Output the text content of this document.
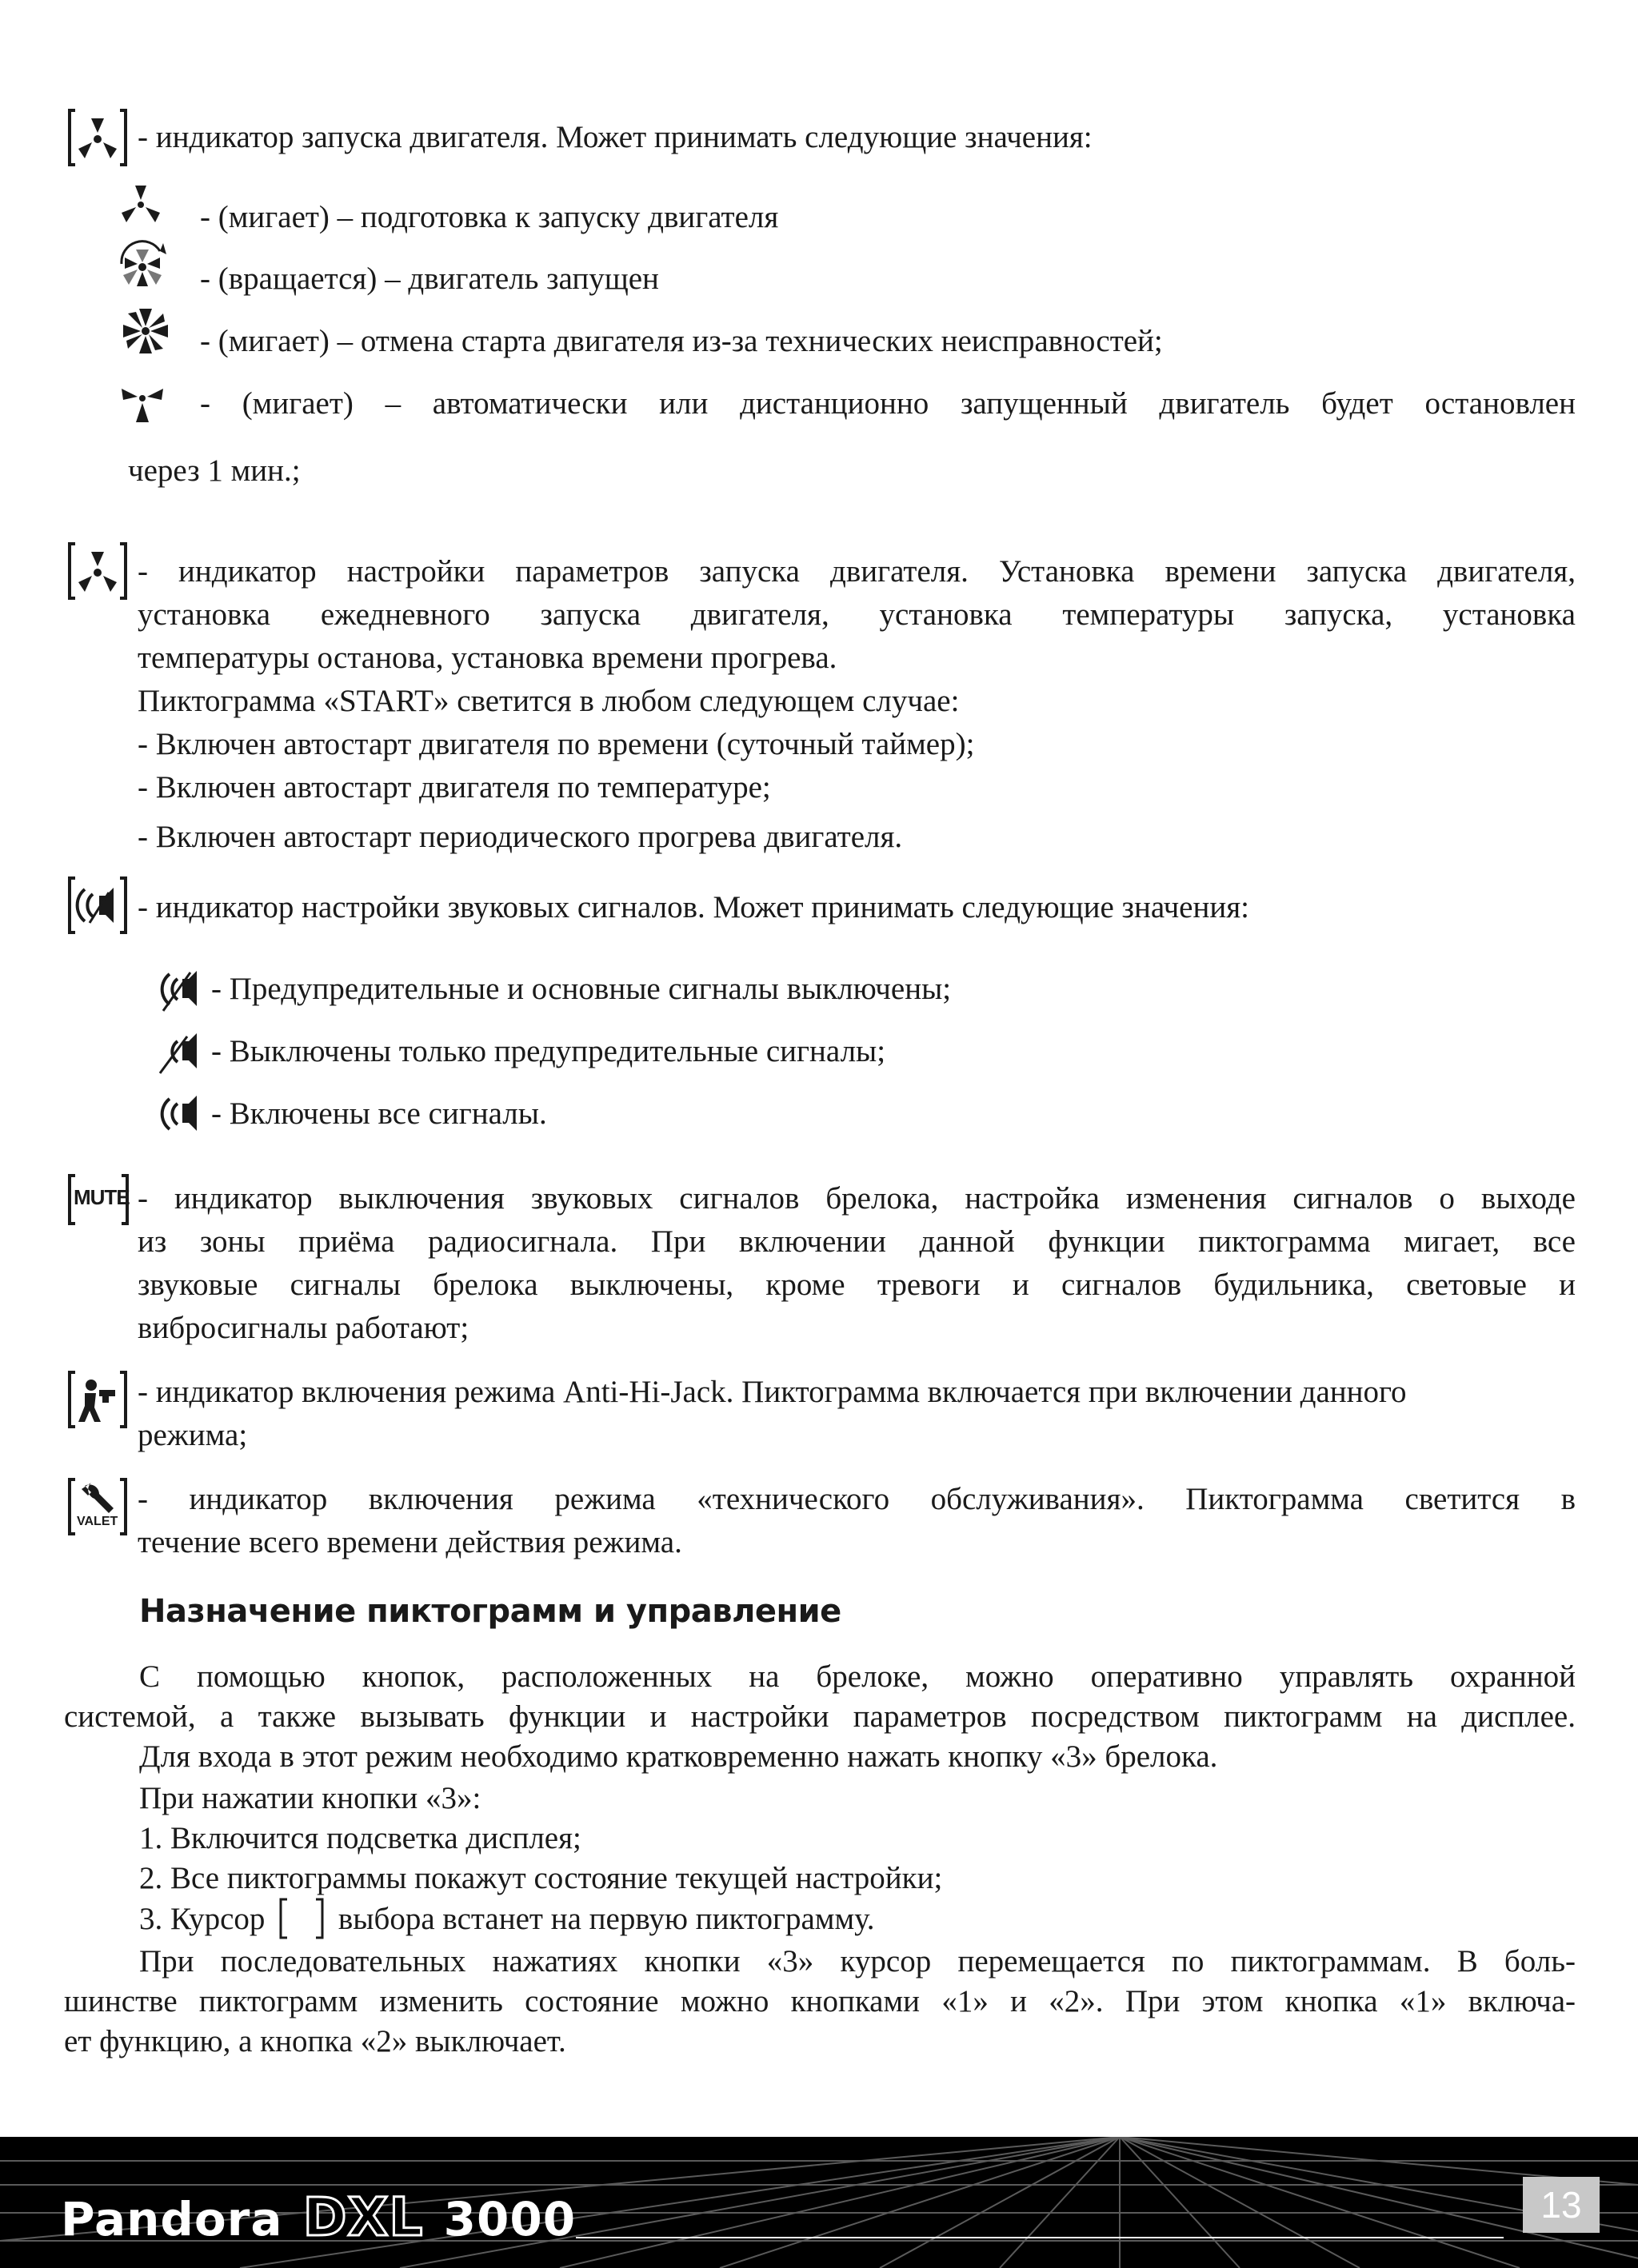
- индикатор запуска двигателя. Может принимать следующие значения:

- (мигает) – подготовка к запуску двигателя

- (вращается) – двигатель запущен

- (мигает) – отмена старта двигателя из-за технических неисправностей;

- (мигает) – автоматически или дистанционно запущенный двигатель будет остановлен

через 1 мин.;

- индикатор настройки параметров запуска двигателя. Установка времени запуска двигателя,

установка ежедневного запуска двигателя, установка температуры запуска, установка

температуры останова, установка времени прогрева.

Пиктограмма «START» светится в любом следующем случае:

- Включен автостарт двигателя по времени (суточный таймер);

- Включен автостарт двигателя по температуре;

- Включен автостарт периодического прогрева двигателя.

- индикатор настройки звуковых сигналов. Может принимать следующие значения:

- Предупредительные и основные сигналы выключены;

- Выключены только предупредительные сигналы;

- Включены все сигналы.

MUTE - индикатор выключения звуковых сигналов брелока, настройка изменения сигналов о выходе

из зоны приёма радиосигнала. При включении данной функции пиктограмма мигает, все

звуковые сигналы брелока выключены, кроме тревоги и сигналов будильника, световые и

вибросигналы работают;

- индикатор включения режима Anti-Hi-Jack. Пиктограмма включается при включении данного

режима;

VALET

- индикатор включения режима «технического обслуживания». Пиктограмма светится в

течение всего времени действия режима.

Назначение пиктограмм и управление

С помощью кнопок, расположенных на брелоке, можно оперативно управлять охранной

системой, а также вызывать функции и настройки параметров посредством пиктограмм на дисплее.

Для входа в этот режим необходимо кратковременно нажать кнопку «3» брелока.

При нажатии кнопки «3»:

1. Включится подсветка дисплея;

2. Все пиктограммы покажут состояние текущей настройки;

3. Курсор выбора встанет на первую пиктограмму.

При последовательных нажатиях кнопки «3» курсор перемещается по пиктограммам. В боль-

шинстве пиктограмм изменить состояние можно кнопками «1» и «2». При этом кнопка «1» включа-

ет функцию, а кнопка «2» выключает.

Pandora DXL 3000	13
